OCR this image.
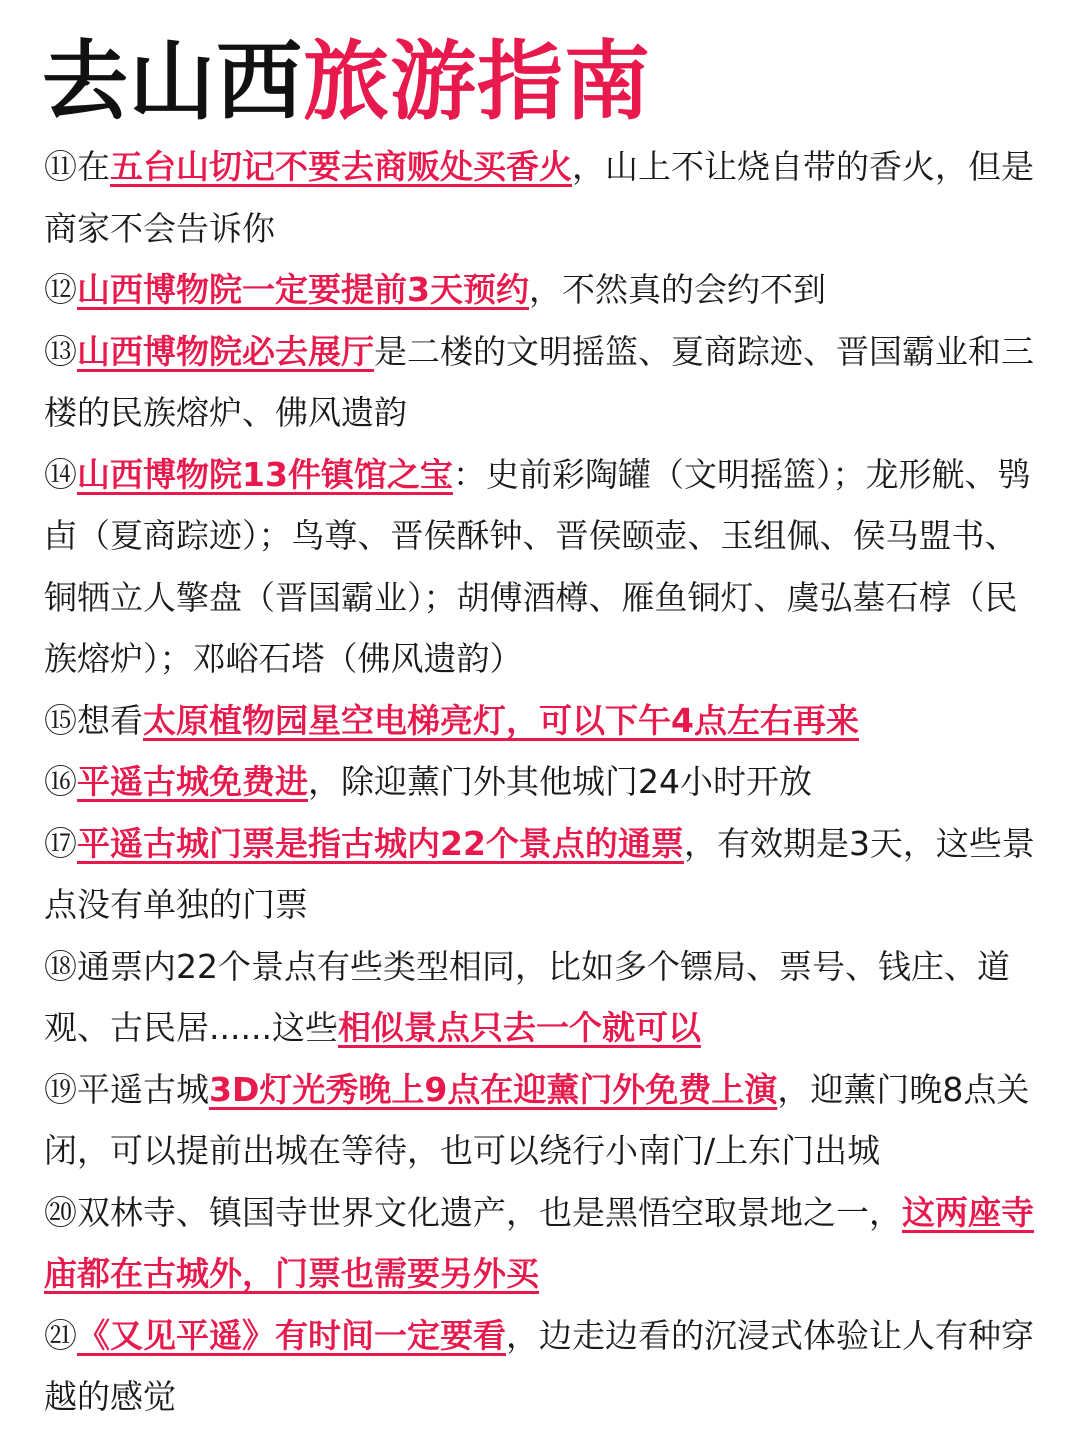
去山西旅游指南

⑪在五台山切记不要去商贩处买香火，山上不让烧自带的香火，但是商家不会告诉你

⑫山西博物院一定要提前3天预约，不然真的会约不到

⑬山西博物院必去展厅是二楼的文明摇篮、夏商踪迹、晋国霸业和三楼的民族熔炉、佛风遗韵

⑭山西博物院13件镇馆之宝：史前彩陶罐（文明摇篮）；龙形觥、鸮卣（夏商踪迹）；鸟尊、晋侯酥钟、晋侯颐壶、玉组佩、侯马盟书、铜牺立人擎盘（晋国霸业）；胡傅酒樽、雁鱼铜灯、虞弘墓石椁（民族熔炉）；邓峪石塔（佛风遗韵）

⑮想看太原植物园星空电梯亮灯，可以下午4点左右再来

⑯平遥古城免费进，除迎薰门外其他城门24小时开放

⑰平遥古城门票是指古城内22个景点的通票，有效期是3天，这些景点没有单独的门票

⑱通票内22个景点有些类型相同，比如多个镖局、票号、钱庄、道观、古民居......这些相似景点只去一个就可以

⑲平遥古城3D灯光秀晚上9点在迎薰门外免费上演，迎薰门晚8点关闭，可以提前出城在等待，也可以绕行小南门/上东门出城

⑳双林寺、镇国寺世界文化遗产，也是黑悟空取景地之一，这两座寺庙都在古城外，门票也需要另外买

㉑《又见平遥》有时间一定要看，边走边看的沉浸式体验让人有种穿越的感觉
